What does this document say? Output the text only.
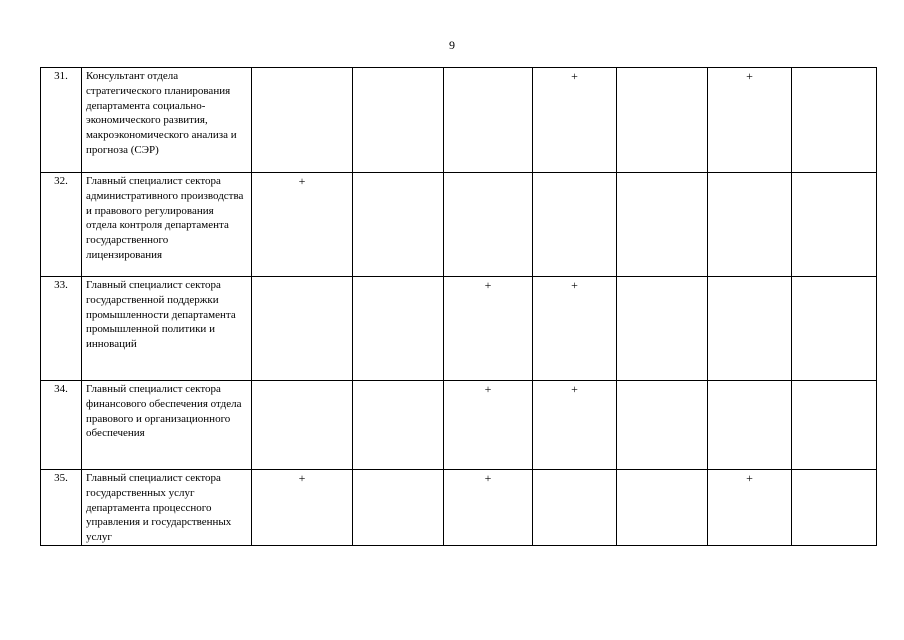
9
31.	Консультант отдела стратегического планирования департамента социально-экономического развития, макроэкономического анализа и прогноза (СЭР)				+		+	
32.	Главный специалист сектора административного производства и правового регулирования отдела контроля департамента государственного лицензирования	+						
33.	Главный специалист сектора государственной поддержки промышленности департамента промышленной политики и инноваций			+	+			
34.	Главный специалист сектора финансового обеспечения отдела правового и организационного обеспечения			+	+			
35.	Главный специалист сектора государственных услуг департамента процессного управления и государственных услуг	+		+			+	
